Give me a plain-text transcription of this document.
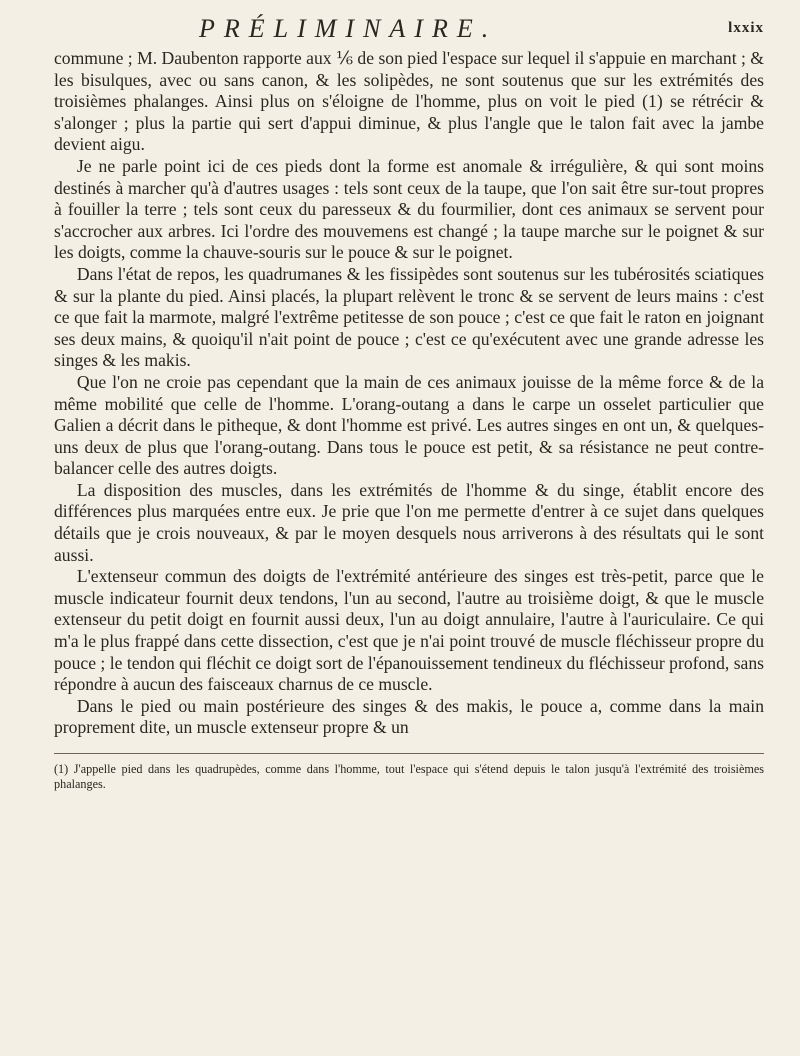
PRÉLIMINAIRE.	lxxix

commune ; M. Daubenton rapporte aux ⅙ de son pied l'espace sur lequel il s'appuie en marchant ; & les bisulques, avec ou sans canon, & les solipèdes, ne sont soutenus que sur les extrémités des troisièmes phalanges. Ainsi plus on s'éloigne de l'homme, plus on voit le pied (1) se rétrécir & s'alonger ; plus la partie qui sert d'appui diminue, & plus l'angle que le talon fait avec la jambe devient aigu.

Je ne parle point ici de ces pieds dont la forme est anomale & irrégulière, & qui sont moins destinés à marcher qu'à d'autres usages : tels sont ceux de la taupe, que l'on sait être sur-tout propres à fouiller la terre ; tels sont ceux du paresseux & du fourmilier, dont ces animaux se servent pour s'accrocher aux arbres. Ici l'ordre des mouvemens est changé ; la taupe marche sur le poignet & sur les doigts, comme la chauve-souris sur le pouce & sur le poignet.

Dans l'état de repos, les quadrumanes & les fissipèdes sont soutenus sur les tubérosités sciatiques & sur la plante du pied. Ainsi placés, la plupart relèvent le tronc & se servent de leurs mains : c'est ce que fait la marmote, malgré l'extrême petitesse de son pouce ; c'est ce que fait le raton en joignant ses deux mains, & quoiqu'il n'ait point de pouce ; c'est ce qu'exécutent avec une grande adresse les singes & les makis.

Que l'on ne croie pas cependant que la main de ces animaux jouisse de la même force & de la même mobilité que celle de l'homme. L'orang-outang a dans le carpe un osselet particulier que Galien a décrit dans le pitheque, & dont l'homme est privé. Les autres singes en ont un, & quelques-uns deux de plus que l'orang-outang. Dans tous le pouce est petit, & sa résistance ne peut contre-balancer celle des autres doigts.

La disposition des muscles, dans les extrémités de l'homme & du singe, établit encore des différences plus marquées entre eux. Je prie que l'on me permette d'entrer à ce sujet dans quelques détails que je crois nouveaux, & par le moyen desquels nous arriverons à des résultats qui le sont aussi.

L'extenseur commun des doigts de l'extrémité antérieure des singes est très-petit, parce que le muscle indicateur fournit deux tendons, l'un au second, l'autre au troisième doigt, & que le muscle extenseur du petit doigt en fournit aussi deux, l'un au doigt annulaire, l'autre à l'auriculaire. Ce qui m'a le plus frappé dans cette dissection, c'est que je n'ai point trouvé de muscle fléchisseur propre du pouce ; le tendon qui fléchit ce doigt sort de l'épanouissement tendineux du fléchisseur profond, sans répondre à aucun des faisceaux charnus de ce muscle.

Dans le pied ou main postérieure des singes & des makis, le pouce a, comme dans la main proprement dite, un muscle extenseur propre & un

(1) J'appelle pied dans les quadrupèdes, comme dans l'homme, tout l'espace qui s'étend depuis le talon jusqu'à l'extrémité des troisièmes phalanges.
